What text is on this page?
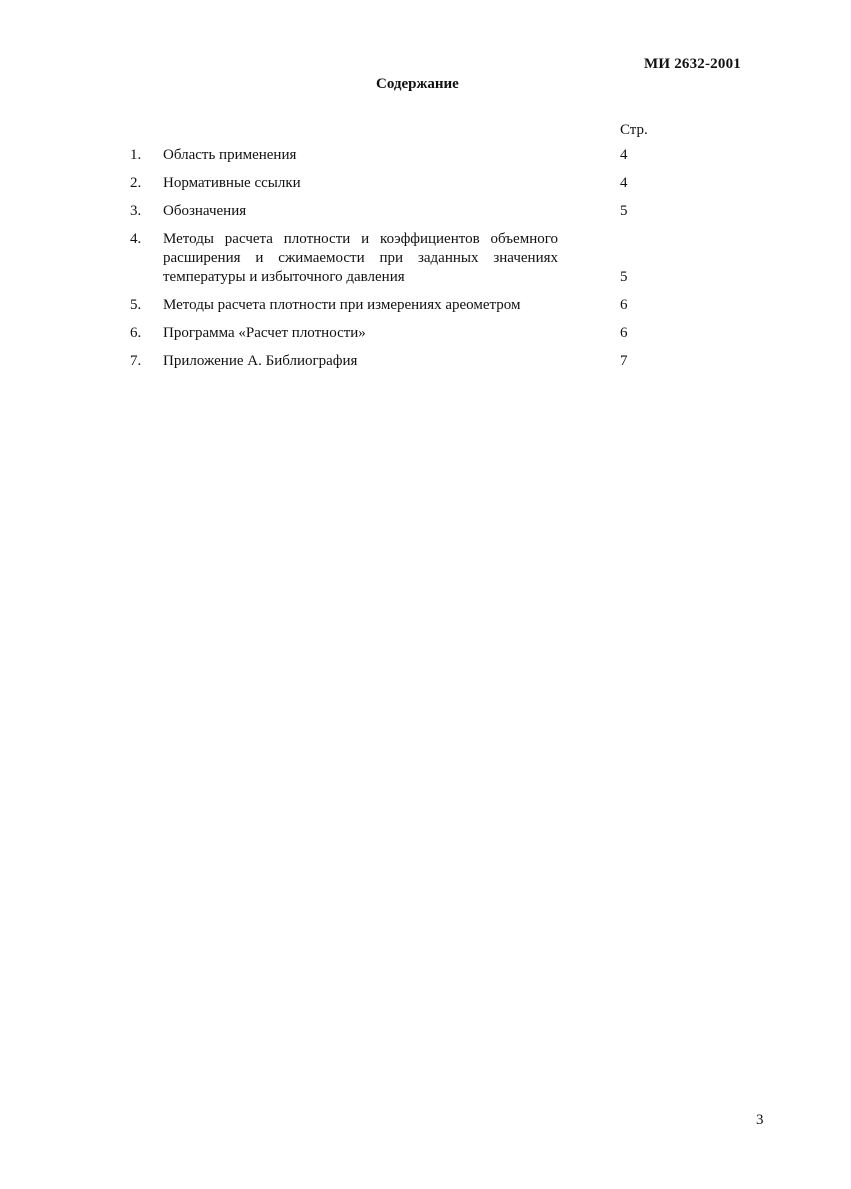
МИ 2632-2001
Содержание
Стр.
1.	Область применения	4
2.	Нормативные ссылки	4
3.	Обозначения	5
4.	Методы расчета плотности и коэффициентов объемного расширения и сжимаемости при заданных значениях температуры и избыточного давления	5
5.	Методы расчета плотности при измерениях ареометром	6
6.	Программа «Расчет плотности»	6
7.	Приложение А. Библиография	7
3
